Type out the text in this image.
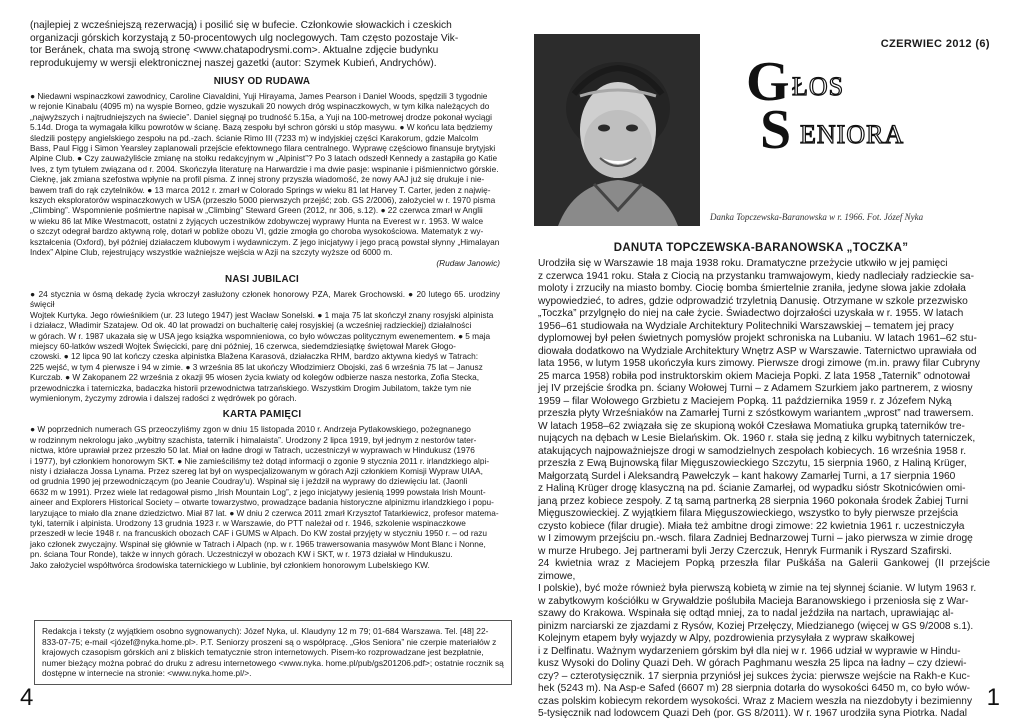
(najlepiej z wcześniejszą rezerwacją) i posilić się w bufecie. Członkowie słowackich i czeskich
organizacji górskich korzystają z 50-procentowych ulg noclegowych. Tam często pozostaje Vik-
tor Beránek, chata ma swoją stronę <www.chatapodrysmi.com>. Aktualne zdjęcie budynku
reprodukujemy w wersji elektronicznej naszej gazetki (autor: Szymek Kubień, Andrychów).
NIUSY OD RUDAWA
● Niedawni wspinaczkowi zawodnicy, Caroline Ciavaldini, Yuji Hirayama, James Pearson i Daniel Woods, spędzili 3 tygodnie
w rejonie Kinabalu (4095 m) na wyspie Borneo, gdzie wyszukali 20 nowych dróg wspinaczkowych, w tym kilka należących do
„najwyższych i najtrudniejszych na świecie”. Daniel sięgnął po trudność 5.15a, a Yuji na 100-metrowej drodze pokonał wyciągi
5.14d. Droga ta wymagała kilku powrotów w ścianę. Bazą zespołu był schron górski u stóp masywu. ● W końcu lata będziemy
śledzili postępy angielskiego zespołu na pd.-zach. ścianie Rimo III (7233 m) w indyjskiej części Karakorum, gdzie Malcolm
Bass, Paul Figg i Simon Yearsley zaplanowali przejście efektownego filara centralnego. Wyprawę częściowo finansuje brytyjski
Alpine Club. ● Czy zauważyliście zmianę na stołku redakcyjnym w „Alpinist”? Po 3 latach odszedł Kennedy a zastąpiła go Katie
Ives, z tym tytułem związana od r. 2004. Skończyła literaturę na Harwardzie i ma dwie pasje: wspinanie i piśmiennictwo górskie.
Cieknę, jak zmiana szefostwa wpłynie na profil pisma. Z innej strony przyszła wiadomość, że nowy AAJ już się drukuje i nie-
bawem trafi do rąk czytelników. ● 13 marca 2012 r. zmarł w Colorado Springs w wieku 81 lat Harvey T. Carter, jeden z najwię-
kszych eksploratorów wspinaczkowych w USA (przeszło 5000 pierwszych przejść; zob. GS 2/2006), założyciel w r. 1970 pisma
„Climbing”. Wspomnienie pośmiertne napisał w „Climbing” Steward Green (2012, nr 306, s.12). ● 22 czerwca zmarł w Anglii
w wieku 86 lat Mike Westmacott, ostatni z żyjących uczestników zdobywczej wyprawy Hunta na Everest w r. 1953. W walce
o szczyt odegrał bardzo aktywną rolę, dotarł w pobliże obozu VI, gdzie zmogła go choroba wysokościowa. Matematyk z wy-
kształcenia (Oxford), był później działaczem klubowym i wydawniczym. Z jego inicjatywy i jego pracą powstał słynny „Himalayan
Index” Alpine Club, rejestrujący wszystkie ważniejsze wejścia w Azji na szczyty wyższe od 6000 m.
(Rudaw Janowic)
NASI JUBILACI
● 24 stycznia w ósmą dekadę życia wkroczył zasłużony członek honorowy PZA, Marek Grochowski. ● 20 lutego 65. urodziny święcił
Wojtek Kurtyka. Jego rówieśnikiem (ur. 23 lutego 1947) jest Wacław Sonelski. ● 1 maja 75 lat skończył znany rosyjski alpinista
i działacz, Władimir Szatajew. Od ok. 40 lat prowadzi on buchalterię całej rosyjskiej (a wcześniej radzieckiej) działalności
w górach. W r. 1987 ukazała się w USA jego książka wspomnieniowa, co było wówczas politycznym ewenementem. ● 5 maja
miejscy 60-latków wszedł Wojtek Święcicki, parę dni później, 16 czerwca, siedemdziesiątkę świętował Marek Głogo-
czowski. ● 12 lipca 90 lat kończy czeska alpinistka Blažena Karasová, działaczka RHM, bardzo aktywna kiedyś w Tatrach:
225 wejść, w tym 4 pierwsze i 94 w zimie. ● 3 września 85 lat ukończy Włodzimierz Obojski, zaś 6 września 75 lat – Janusz
Kurczab. ● W Zakopanem 22 września z okazji 95 wiosen życia kwiaty od kolegów odbierze nasza nestorka, Zofia Stecka,
przewodniczka i taterniczka, badaczka historii przewodnictwa tatrzańskiego. Wszystkim Drogim Jubilatom, także tym nie
wymienionym, życzymy zdrowia i dalszej radości z wędrówek po górach.
KARTA PAMIĘCI
● W poprzednich numerach GS przeoczyliśmy zgon w dniu 15 listopada 2010 r. Andrzeja Pytlakowskiego, pożegnanego
w rodzinnym nekrologu jako „wybitny szachista, taternik i himalaista”. Urodzony 2 lipca 1919, był jednym z nestorów tater-
nictwa, które uprawiał przez przeszło 50 lat. Miał on ładne drogi w Tatrach, uczestniczył w wyprawach w Hindukusz (1976
i 1977), był członkiem honorowym SKT. ● Nie zamieściliśmy też dotąd informacji o zgonie 9 stycznia 2011 r. irlandzkiego alpi-
nisty i działacza Jossa Lynama. Przez szereg lat był on wyspecjalizowanym w górach Azji członkiem Komisji Wypraw UIAA,
od grudnia 1990 jej przewodniczącym (po Jeanie Coudray'u). Wspinał się i jeździł na wyprawy do dziewięciu lat. (Jaonli
6632 m w 1991). Przez wiele lat redagował pismo „Irish Mountain Log”, z jego inicjatywy jesienią 1999 powstała Irish Mount-
aineer and Explorers Historical Society – otwarte towarzystwo, prowadzące badania historyczne alpinizmu irlandzkiego i popu-
laryzujące to miało dla znane dziedzictwo. Miał 87 lat. ● W dniu 2 czerwca 2011 zmarł Krzysztof Tatarkiewicz, profesor matema-
tyki, taternik i alpinista. Urodzony 13 grudnia 1923 r. w Warszawie, do PTT należał od r. 1946, szkolenie wspinaczkowe
przeszedł w lecie 1948 r. na francuskich obozach CAF i GUMS w Alpach. Do KW został przyjęty w styczniu 1950 r. – od razu
jako członek zwyczajny. Wspinał się głównie w Tatrach i Alpach (np. w r. 1965 trawersowania masywów Mont Blanc i Nonne,
pn. ściana Tour Ronde), także w innych górach. Uczestniczył w obozach KW i SKT, w r. 1973 działał w Hindukuszu.
Jako założyciel współtwórca środowiska taternickiego w Lublinie, był członkiem honorowym Lubelskiego KW.
Redakcja i teksty (z wyjątkiem osobno sygnowanych): Józef Nyka, ul. Klaudyny 12 m 79; 01-684 Warszawa. Tel. [48] 22-833-07-75; e-mail <józef@nyka.home.pl>. P.T. Seniorzy proszeni są o współpracę. „Głos Seniora” nie czerpie materiałów z krajowych czasopism górskich ani z bliskich tematycznie stron internetowych. Pisem-ko rozprowadzane jest bezpłatnie, numer bieżący można pobrać do druku z adresu internetowego <www.nyka. home.pl/pub/gs201206.pdf>; ostatnie rocznik są dostępne w internecie na stronie: <www.nyka.home.pl/>.
4
CZERWIEC 2012 (6)
G ŁOS
S ENIORA
Danka Topczewska-Baranowska w r. 1966. Fot. Józef Nyka
DANUTA TOPCZEWSKA-BARANOWSKA „TOCZKA”
Urodziła się w Warszawie 18 maja 1938 roku. Dramatyczne przeżycie utkwiło w jej pamięci
z czerwca 1941 roku. Stała z Ciocią na przystanku tramwajowym, kiedy nadleciały radzieckie sa-
moloty i zrzuciły na miasto bomby. Ciocię bomba śmiertelnie zraniła, jedyne słowa jakie zdołała
wypowiedzieć, to adres, gdzie odprowadzić trzyletnią Danusię. Otrzymane w szkole przezwisko
„Toczka” przylgnęło do niej na całe życie. Świadectwo dojrzałości uzyskała w r. 1955. W latach
1956–61 studiowała na Wydziale Architektury Politechniki Warszawskiej – tematem jej pracy
dyplomowej był pełen świetnych pomysłów projekt schroniska na Lubaniu. W latach 1961–62 stu-
diowała dodatkowo na Wydziale Architektury Wnętrz ASP w Warszawie. Taternictwo uprawiała od
lata 1956, w lutym 1958 ukończyła kurs zimowy. Pierwsze drogi zimowe (m.in. prawy filar Cubryny
25 marca 1958) robiła pod instruktorskim okiem Macieja Popki. Z lata 1958 „Taternik” odnotował
jej IV przejście środka pn. ściany Wołowej Turni – z Adamem Szurkiem jako partnerem, z wiosny
1959 – filar Wołowego Grzbietu z Maciejem Popką. 11 października 1959 r. z Józefem Nyką
przeszła płyty Wrześniaków na Zamarłej Turni z szóstkowym wariantem „wprost” nad trawersem.
W latach 1958–62 związała się ze skupioną wokół Czesława Momatiuka grupką taterników tre-
nujących na dębach w Lesie Bielańskim. Ok. 1960 r. stała się jedną z kilku wybitnych taterniczek,
atakujących najpoważniejsze drogi w samodzielnych zespołach kobiecych. 16 września 1958 r.
przeszła z Ewą Bujnowską filar Mięguszowieckiego Szczytu, 15 sierpnia 1960, z Haliną Krüger,
Małgorzatą Surdel i Aleksandrą Pawełczyk – kant hakowy Zamarłej Turni, a 17 sierpnia 1960
z Haliną Krüger drogę klasyczną na pd. ścianie Zamarłej, od wypadku sióstr Skotnicówien omi-
janą przez kobiece zespoły. Z tą samą partnerką 28 sierpnia 1960 pokonała środek Żabiej Turni
Mięguszowieckiej. Z wyjątkiem filara Mięguszowieckiego, wszystko to były pierwsze przejścia
czysto kobiece (filar drugie). Miała też ambitne drogi zimowe: 22 kwietnia 1961 r. uczestniczyła
w I zimowym przejściu pn.-wsch. filara Zadniej Bednarzowej Turni – jako pierwsza w zimie drogę
w murze Hrubego. Jej partnerami byli Jerzy Czerczuk, Henryk Furmanik i Ryszard Szafirski.
24 kwietnia wraz z Maciejem Popką przeszła filar Puškáša na Galerii Gankowej (II przejście zimowe,
I polskie), być może również była pierwszą kobietą w zimie na tej słynnej ścianie. W lutym 1963 r.
w zabytkowym kościółku w Grywałdzie poślubiła Macieja Baranowskiego i przeniosła się z War-
szawy do Krakowa. Wspinała się odtąd mniej, za to nadal jeździła na nartach, uprawiając al-
pinizm narciarski ze zjazdami z Rysów, Koziej Przełęczy, Miedzianego (więcej w GS 9/2008 s.1).
Kolejnym etapem były wyjazdy w Alpy, pozdrowienia przysyłała z wypraw skałkowej
i z Delfinatu. Ważnym wydarzeniem górskim był dla niej w r. 1966 udział w wyprawie w Hindu-
kusz Wysoki do Doliny Quazi Deh. W górach Paghmanu weszła 25 lipca na ładny – czy dziewi-
czy? – czterotysięcznik. 17 sierpnia przyniósł jej sukces życia: pierwsze wejście na Rakh-e Kuc-
hek (5243 m). Na Asp-e Safed (6607 m) 28 sierpnia dotarła do wysokości 6450 m, co było wów-
czas polskim kobiecym rekordem wysokości. Wraz z Maciem weszła na niezdobyty i bezimienny
5-tysięcznik nad lodowcem Quazi Deh (por. GS 8/2011). W r. 1967 urodziła syna Piotrka. Nadal
1
